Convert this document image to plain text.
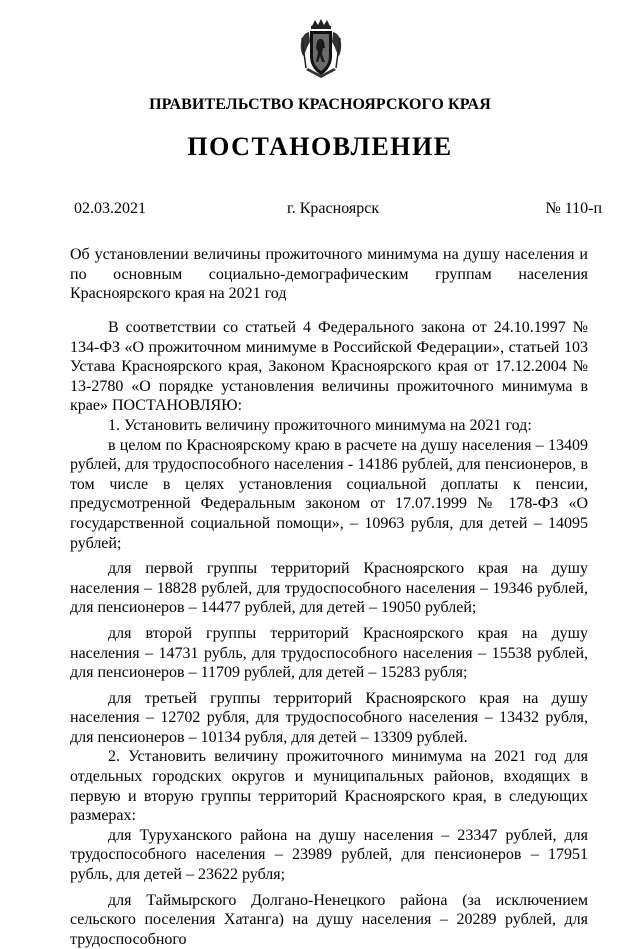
ПРАВИТЕЛЬСТВО КРАСНОЯРСКОГО КРАЯ
ПОСТАНОВЛЕНИЕ
02.03.2021	г. Красноярск	№ 110-п
Об установлении величины прожиточного минимума на душу населения и по основным социально-демографическим группам населения Красноярского края на 2021 год

В соответствии со статьей 4 Федерального закона от 24.10.1997 № 134-ФЗ «О прожиточном минимуме в Российской Федерации», статьей 103 Устава Красноярского края, Законом Красноярского края от 17.12.2004 № 13-2780 «О порядке установления величины прожиточного минимума в крае» ПОСТАНОВЛЯЮ:

1. Установить величину прожиточного минимума на 2021 год:

в целом по Красноярскому краю в расчете на душу населения – 13409 рублей, для трудоспособного населения - 14186 рублей, для пенсионеров, в том числе в целях установления социальной доплаты к пенсии, предусмотренной Федеральным законом от 17.07.1999 № 178-ФЗ «О государственной социальной помощи», – 10963 рубля, для детей – 14095 рублей;

для первой группы территорий Красноярского края на душу населения – 18828 рублей, для трудоспособного населения – 19346 рублей, для пенсионеров – 14477 рублей, для детей – 19050 рублей;

для второй группы территорий Красноярского края на душу населения – 14731 рубль, для трудоспособного населения – 15538 рублей, для пенсионеров – 11709 рублей, для детей – 15283 рубля;

для третьей группы территорий Красноярского края на душу населения – 12702 рубля, для трудоспособного населения – 13432 рубля, для пенсионеров – 10134 рубля, для детей – 13309 рублей.

2. Установить величину прожиточного минимума на 2021 год для отдельных городских округов и муниципальных районов, входящих в первую и вторую группы территорий Красноярского края, в следующих размерах:

для Туруханского района на душу населения – 23347 рублей, для трудоспособного населения – 23989 рублей, для пенсионеров – 17951 рубль, для детей – 23622 рубля;

для Таймырского Долгано-Ненецкого района (за исключением сельского поселения Хатанга) на душу населения – 20289 рублей, для трудоспособного
